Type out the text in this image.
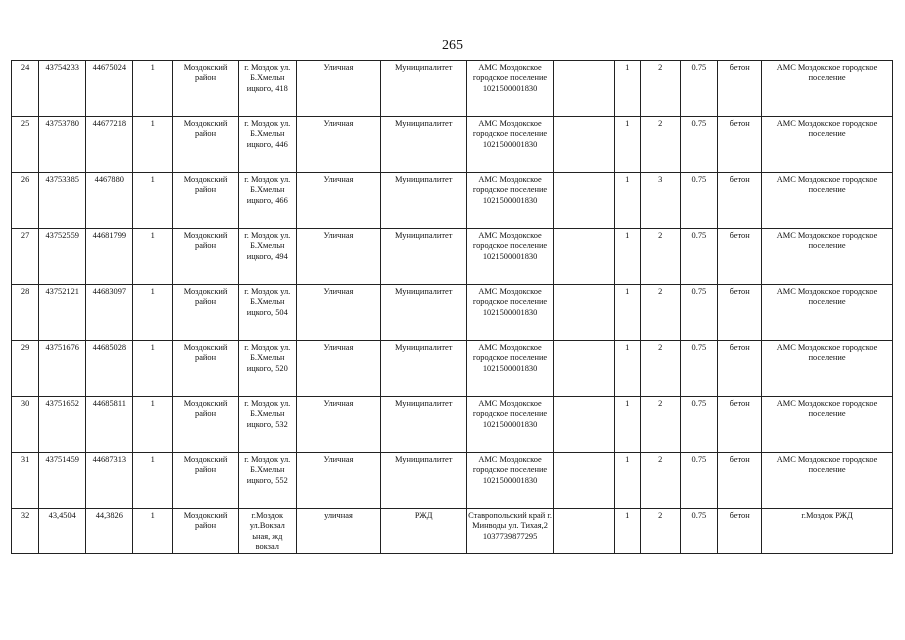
265
24	43754233	44675024	1	Моздокский район	г. Моздок ул. Б.Хмельн ицкого, 418	Уличная	Муниципалитет	АМС Моздокское городское поселение 1021500001830		1	2	0.75	бетон	АМС Моздокское городское поселение
25	43753780	44677218	1	Моздокский район	г. Моздок ул. Б.Хмельн ицкого, 446	Уличная	Муниципалитет	АМС Моздокское городское поселение 1021500001830		1	2	0.75	бетон	АМС Моздокское городское поселение
26	43753385	4467880	1	Моздокский район	г. Моздок ул. Б.Хмельн ицкого, 466	Уличная	Муниципалитет	АМС Моздокское городское поселение 1021500001830		1	3	0.75	бетон	АМС Моздокское городское поселение
27	43752559	44681799	1	Моздокский район	г. Моздок ул. Б.Хмельн ицкого, 494	Уличная	Муниципалитет	АМС Моздокское городское поселение 1021500001830		1	2	0.75	бетон	АМС Моздокское городское поселение
28	43752121	44683097	1	Моздокский район	г. Моздок ул. Б.Хмельн ицкого, 504	Уличная	Муниципалитет	АМС Моздокское городское поселение 1021500001830		1	2	0.75	бетон	АМС Моздокское городское поселение
29	43751676	44685028	1	Моздокский район	г. Моздок ул. Б.Хмельн ицкого, 520	Уличная	Муниципалитет	АМС Моздокское городское поселение 1021500001830		1	2	0.75	бетон	АМС Моздокское городское поселение
30	43751652	44685811	1	Моздокский район	г. Моздок ул. Б.Хмельн ицкого, 532	Уличная	Муниципалитет	АМС Моздокское городское поселение 1021500001830		1	2	0.75	бетон	АМС Моздокское городское поселение
31	43751459	44687313	1	Моздокский район	г. Моздок ул. Б.Хмельн ицкого, 552	Уличная	Муниципалитет	АМС Моздокское городское поселение 1021500001830		1	2	0.75	бетон	АМС Моздокское городское поселение
32	43,4504	44,3826	1	Моздокский район	г.Моздок ул.Вокзал ьная, жд вокзал	уличная	РЖД	Ставропольский край г. Минводы ул. Тихая,2 1037739877295		1	2	0.75	бетон	г.Моздок РЖД
